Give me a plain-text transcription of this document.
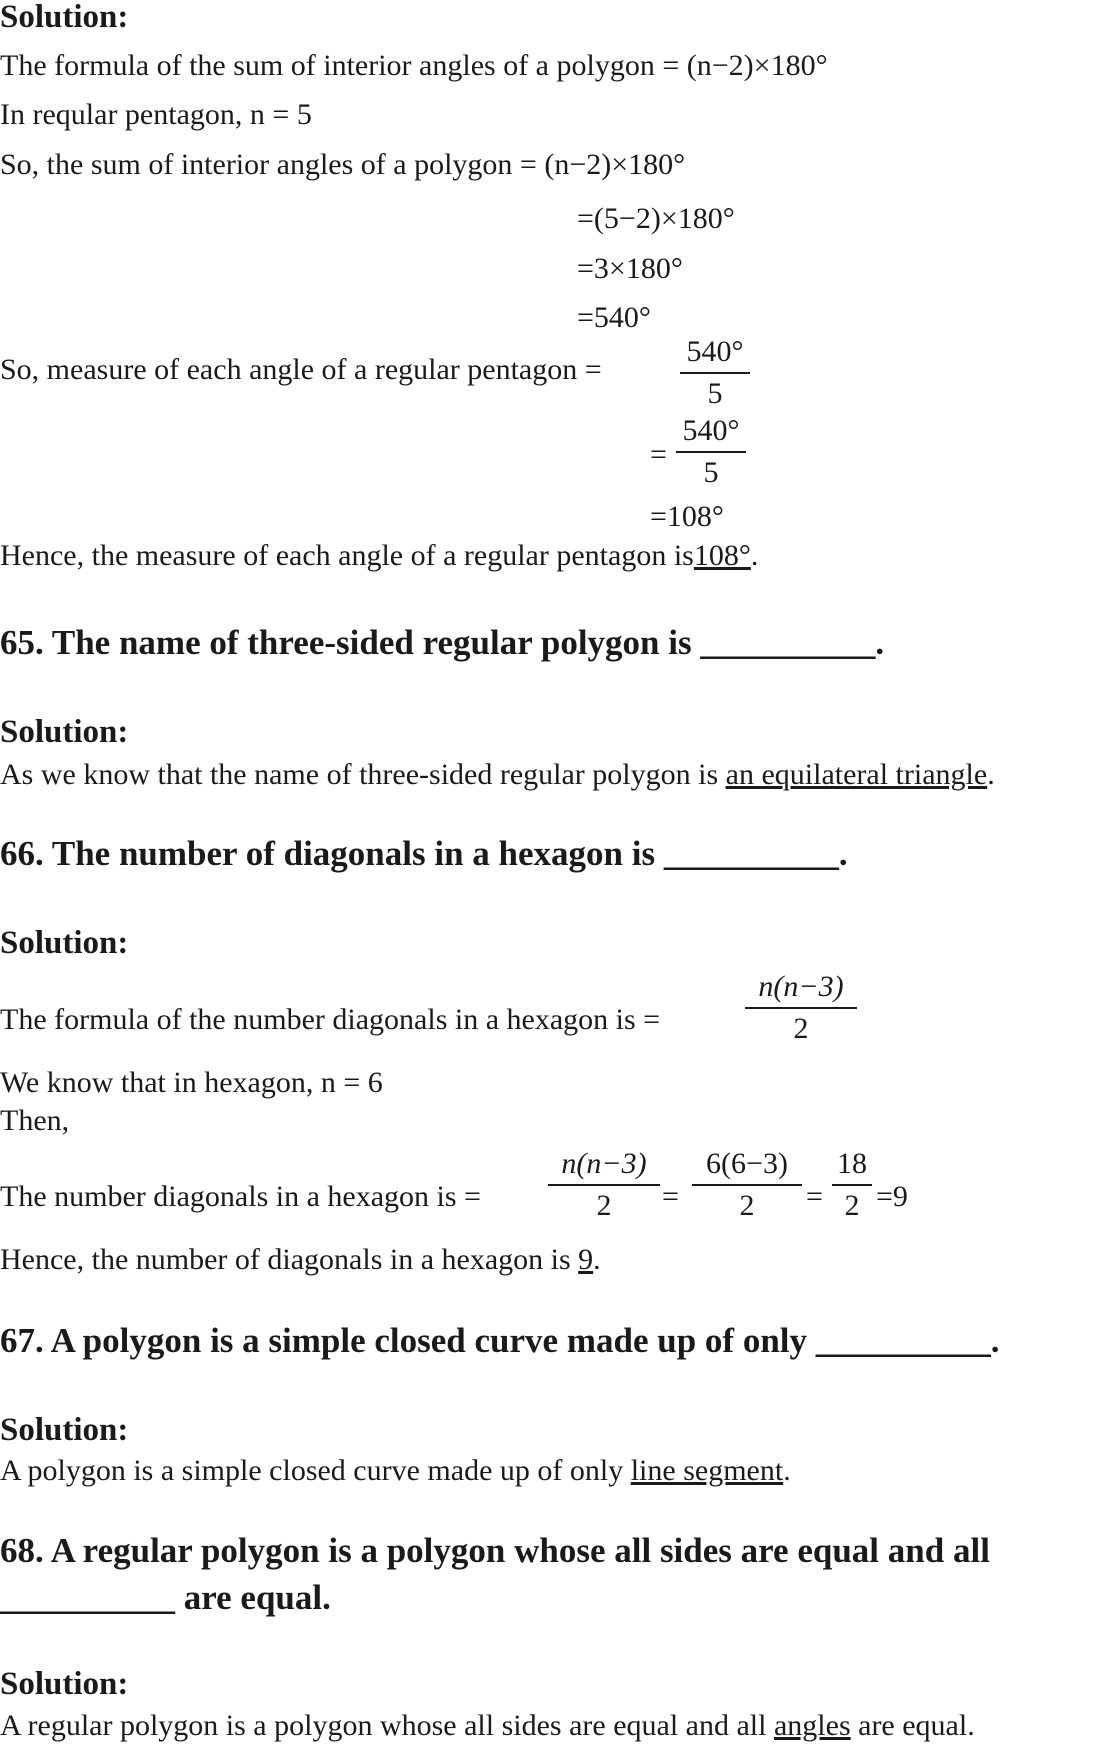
Solution:
The formula of the sum of interior angles of a polygon = (n−2)×180°
In reqular pentagon, n = 5
So, the sum of interior angles of a polygon = (n−2)×180°
=(5−2)×180°
=3×180°
=540°
So, measure of each angle of a regular pentagon =
540°
5
=
540°
5
=108°
Hence, the measure of each angle of a regular pentagon is108°.
65. The name of three-sided regular polygon is __________.
Solution:
As we know that the name of three-sided regular polygon is an equilateral triangle.
66. The number of diagonals in a hexagon is __________.
Solution:
The formula of the number diagonals in a hexagon is =
n(n−3)
2
We know that in hexagon, n = 6
Then,
The number diagonals in a hexagon is =
n(n−3)
2	=
6(6−3)
2	=
18
2 =9
Hence, the number of diagonals in a hexagon is 9.
67. A polygon is a simple closed curve made up of only __________.
Solution:
A polygon is a simple closed curve made up of only line segment.
68. A regular polygon is a polygon whose all sides are equal and all
__________ are equal.
Solution:
A regular polygon is a polygon whose all sides are equal and all angles are equal.
